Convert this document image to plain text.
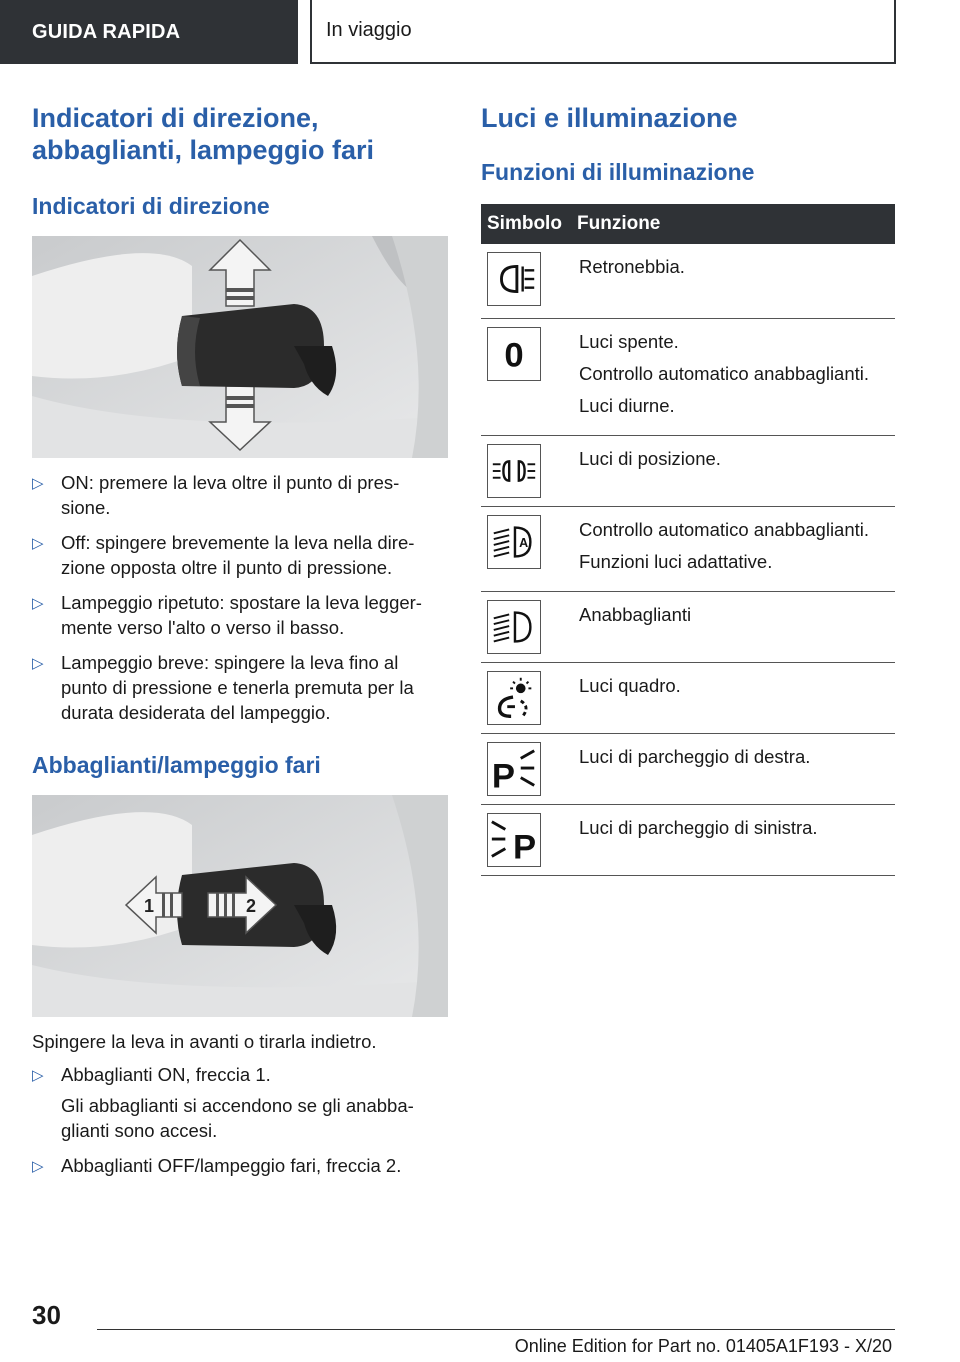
GUIDA RAPIDA	In viaggio
Indicatori di direzione,
abbaglianti, lampeggio fari
Indicatori di direzione
▷ ON: premere la leva oltre il punto di pres-sione.
▷ Off: spingere brevemente la leva nella dire-zione opposta oltre il punto di pressione.
▷ Lampeggio ripetuto: spostare la leva legger-mente verso l'alto o verso il basso.
▷ Lampeggio breve: spingere la leva fino al punto di pressione e tenerla premuta per la durata desiderata del lampeggio.
Abbaglianti/lampeggio fari
1	2

Spingere la leva in avanti o tirarla indietro.

▷ Abbaglianti ON, freccia 1.
Gli abbaglianti si accendono se gli anabba-glianti sono accesi.
▷ Abbaglianti OFF/lampeggio fari, freccia 2.
Luci e illuminazione
Funzioni di illuminazione
Simbolo	Funzione

Retronebbia.

0	Luci spente.
Controllo automatico anabbaglianti.
Luci diurne.

Luci di posizione.

A	Controllo automatico anabbaglianti.
Funzioni luci adattative.

Anabbaglianti

Luci quadro.

P	Luci di parcheggio di destra.

P	Luci di parcheggio di sinistra.
30
Online Edition for Part no. 01405A1F193 - X/20
